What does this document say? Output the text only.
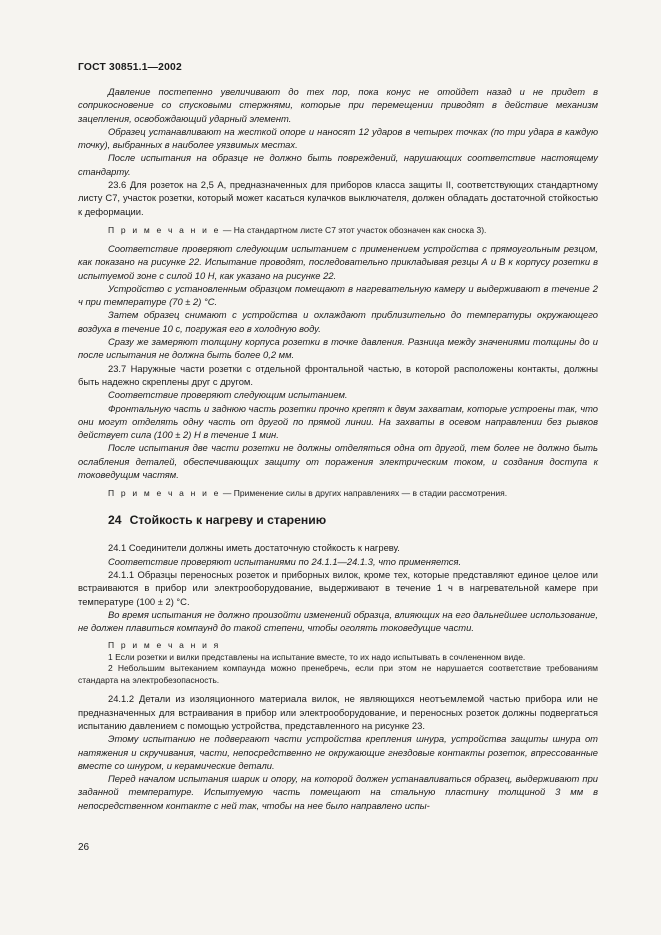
ГОСТ 30851.1—2002

Давление постепенно увеличивают до тех пор, пока конус не отойдет назад и не придет в соприкосновение со спусковыми стержнями, которые при перемещении приводят в действие механизм зацепления, освобождающий ударный элемент.

Образец устанавливают на жесткой опоре и наносят 12 ударов в четырех точках (по три удара в каждую точку), выбранных в наиболее уязвимых местах.

После испытания на образце не должно быть повреждений, нарушающих соответствие настоящему стандарту.

23.6 Для розеток на 2,5 А, предназначенных для приборов класса защиты II, соответствующих стандартному листу С7, участок розетки, который может касаться кулачков выключателя, должен обладать достаточной стойкостью к деформации.

П р и м е ч а н и е — На стандартном листе С7 этот участок обозначен как сноска 3).

Соответствие проверяют следующим испытанием с применением устройства с прямоугольным резцом, как показано на рисунке 22. Испытание проводят, последовательно прикладывая резцы А и В к корпусу розетки в испытуемой зоне с силой 10 Н, как указано на рисунке 22.

Устройство с установленным образцом помещают в нагревательную камеру и выдерживают в течение 2 ч при температуре (70 ± 2) °С.

Затем образец снимают с устройства и охлаждают приблизительно до температуры окружающего воздуха в течение 10 с, погружая его в холодную воду.

Сразу же замеряют толщину корпуса розетки в точке давления. Разница между значениями толщины до и после испытания не должна быть более 0,2 мм.

23.7 Наружные части розетки с отдельной фронтальной частью, в которой расположены контакты, должны быть надежно скреплены друг с другом.

Соответствие проверяют следующим испытанием.

Фронтальную часть и заднюю часть розетки прочно крепят к двум захватам, которые устроены так, что они могут отделять одну часть от другой по прямой линии. На захваты в осевом направлении без рывков действует сила (100 ± 2) Н в течение 1 мин.

После испытания две части розетки не должны отделяться одна от другой, тем более не должно быть ослабления деталей, обеспечивающих защиту от поражения электрическим током, и создания доступа к токоведущим частям.

П р и м е ч а н и е — Применение силы в других направлениях — в стадии рассмотрения.

24 Стойкость к нагреву и старению

24.1 Соединители должны иметь достаточную стойкость к нагреву.

Соответствие проверяют испытаниями по 24.1.1—24.1.3, что применяется.

24.1.1 Образцы переносных розеток и приборных вилок, кроме тех, которые представляют единое целое или встраиваются в прибор или электрооборудование, выдерживают в течение 1 ч в нагревательной камере при температуре (100 ± 2) °С.

Во время испытания не должно произойти изменений образца, влияющих на его дальнейшее использование, не должен плавиться компаунд до такой степени, чтобы оголять токоведущие части.

П р и м е ч а н и я

1 Если розетки и вилки представлены на испытание вместе, то их надо испытывать в сочлененном виде.

2 Небольшим вытеканием компаунда можно пренебречь, если при этом не нарушается соответствие требованиям стандарта на электробезопасность.

24.1.2 Детали из изоляционного материала вилок, не являющихся неотъемлемой частью прибора или не предназначенных для встраивания в прибор или электрооборудование, и переносных розеток должны подвергаться испытанию давлением с помощью устройства, представленного на рисунке 23.

Этому испытанию не подвергают части устройства крепления шнура, устройства защиты шнура от натяжения и скручивания, части, непосредственно не окружающие гнездовые контакты розеток, впрессованные вместе со шнуром, и керамические детали.

Перед началом испытания шарик и опору, на которой должен устанавливаться образец, выдерживают при заданной температуре. Испытуемую часть помещают на стальную пластину толщиной 3 мм в непосредственном контакте с ней так, чтобы на нее было направлено испы-

26
